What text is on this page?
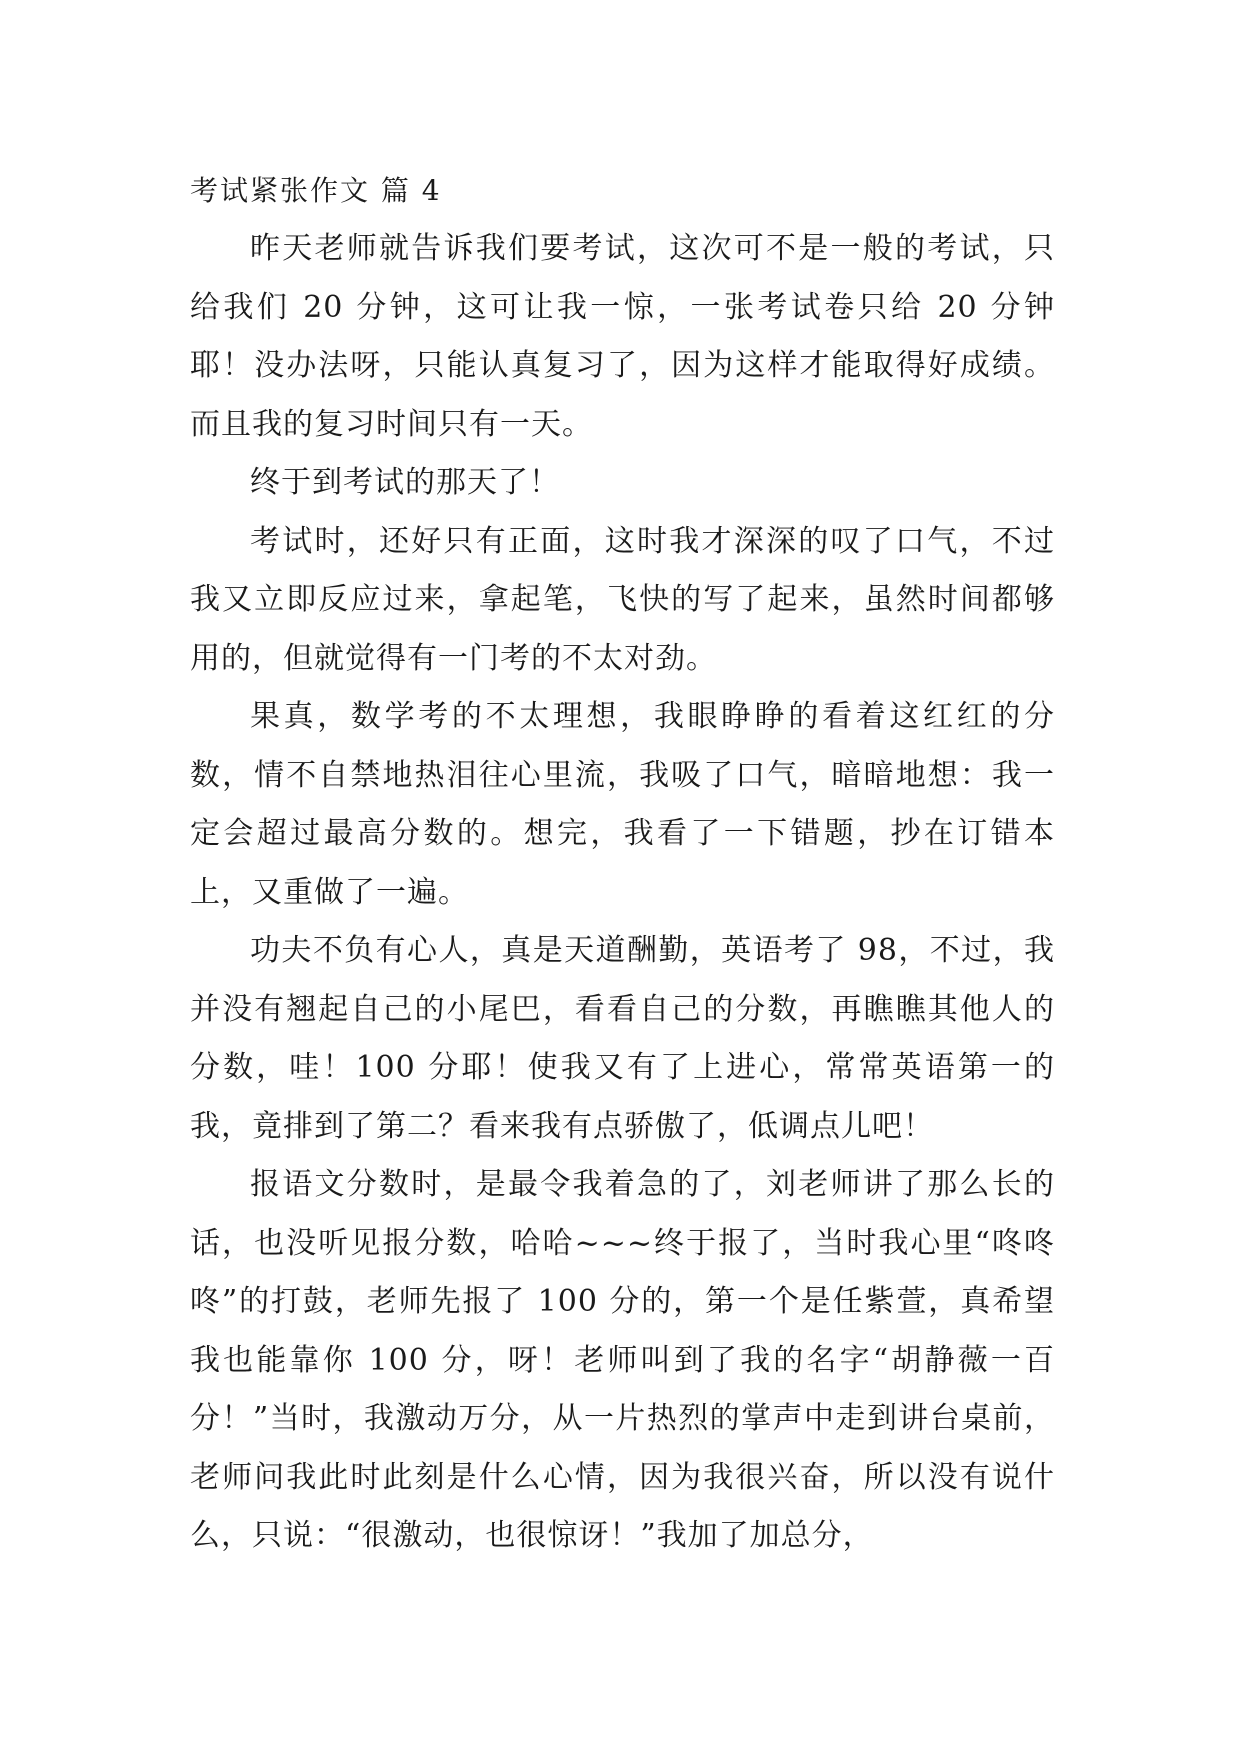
考试紧张作文 篇 4

昨天老师就告诉我们要考试，这次可不是一般的考试，只给我们 20 分钟，这可让我一惊，一张考试卷只给 20 分钟耶！没办法呀，只能认真复习了，因为这样才能取得好成绩。而且我的复习时间只有一天。

终于到考试的那天了！

考试时，还好只有正面，这时我才深深的叹了口气，不过我又立即反应过来，拿起笔，飞快的写了起来，虽然时间都够用的，但就觉得有一门考的不太对劲。

果真，数学考的不太理想，我眼睁睁的看着这红红的分数，情不自禁地热泪往心里流，我吸了口气，暗暗地想：我一定会超过最高分数的。想完，我看了一下错题，抄在订错本上，又重做了一遍。

功夫不负有心人，真是天道酬勤，英语考了 98，不过，我并没有翘起自己的小尾巴，看看自己的分数，再瞧瞧其他人的分数，哇！100 分耶！使我又有了上进心，常常英语第一的我，竟排到了第二？看来我有点骄傲了，低调点儿吧！

报语文分数时，是最令我着急的了，刘老师讲了那么长的话，也没听见报分数，哈哈~~~终于报了，当时我心里“咚咚咚”的打鼓，老师先报了 100 分的，第一个是任紫萱，真希望我也能靠你 100 分，呀！老师叫到了我的名字“胡静薇一百分！”当时，我激动万分，从一片热烈的掌声中走到讲台桌前，老师问我此时此刻是什么心情，因为我很兴奋，所以没有说什么，只说：“很激动，也很惊讶！”我加了加总分，
